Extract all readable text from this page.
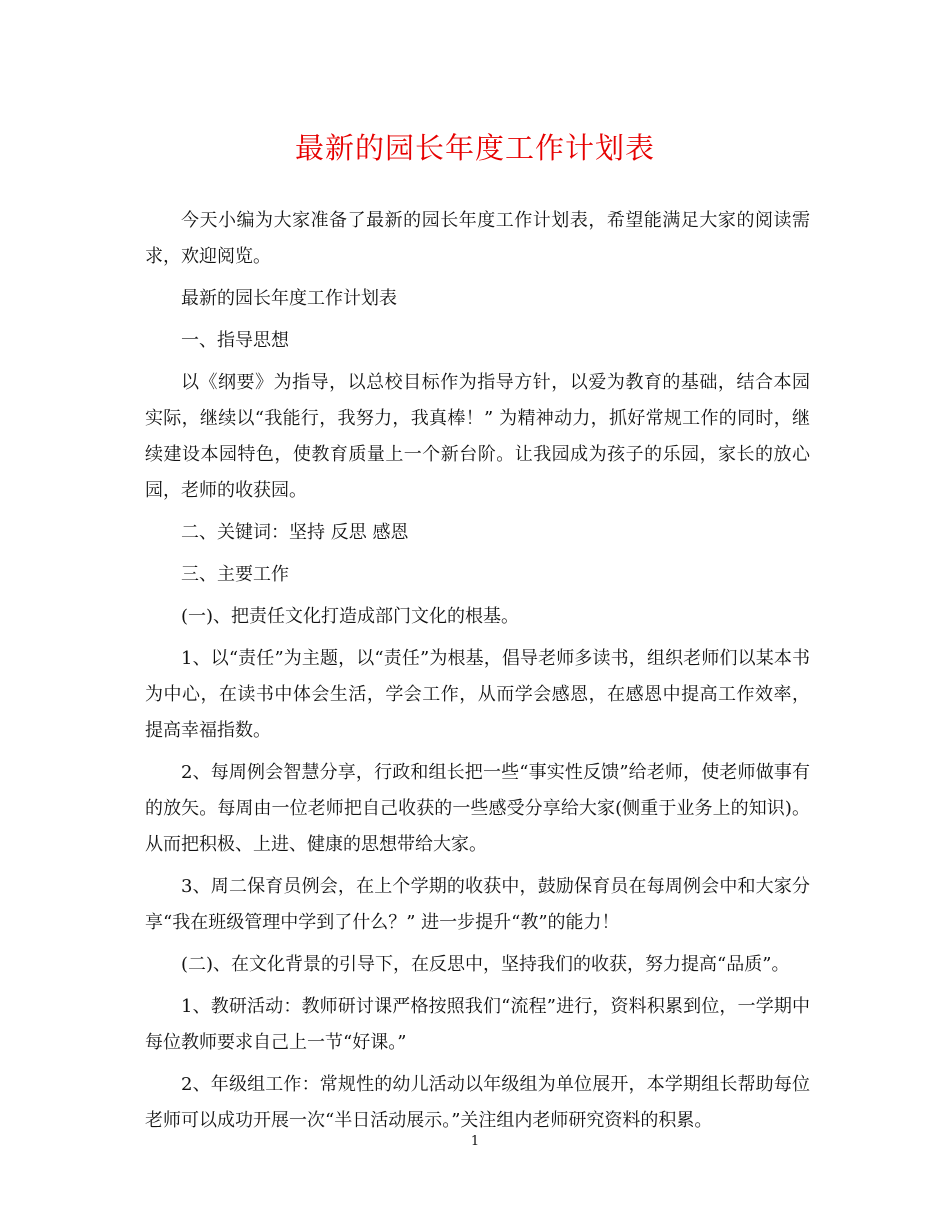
最新的园长年度工作计划表

今天小编为大家准备了最新的园长年度工作计划表，希望能满足大家的阅读需求，欢迎阅览。

最新的园长年度工作计划表

一、指导思想

以《纲要》为指导，以总校目标作为指导方针，以爱为教育的基础，结合本园实际，继续以“我能行，我努力，我真棒！” 为精神动力，抓好常规工作的同时，继续建设本园特色，使教育质量上一个新台阶。让我园成为孩子的乐园，家长的放心园，老师的收获园。

二、关键词：坚持 反思 感恩

三、主要工作

(一)、把责任文化打造成部门文化的根基。

1、以“责任”为主题，以“责任”为根基，倡导老师多读书，组织老师们以某本书为中心，在读书中体会生活，学会工作，从而学会感恩，在感恩中提高工作效率，提高幸福指数。

2、每周例会智慧分享，行政和组长把一些“事实性反馈”给老师，使老师做事有的放矢。每周由一位老师把自己收获的一些感受分享给大家(侧重于业务上的知识)。从而把积极、上进、健康的思想带给大家。

3、周二保育员例会，在上个学期的收获中，鼓励保育员在每周例会中和大家分享“我在班级管理中学到了什么？” 进一步提升“教”的能力！

(二)、在文化背景的引导下，在反思中，坚持我们的收获，努力提高“品质”。

1、教研活动：教师研讨课严格按照我们“流程”进行，资料积累到位，一学期中每位教师要求自己上一节“好课。”

2、年级组工作：常规性的幼儿活动以年级组为单位展开，本学期组长帮助每位老师可以成功开展一次“半日活动展示。”关注组内老师研究资料的积累。

1
